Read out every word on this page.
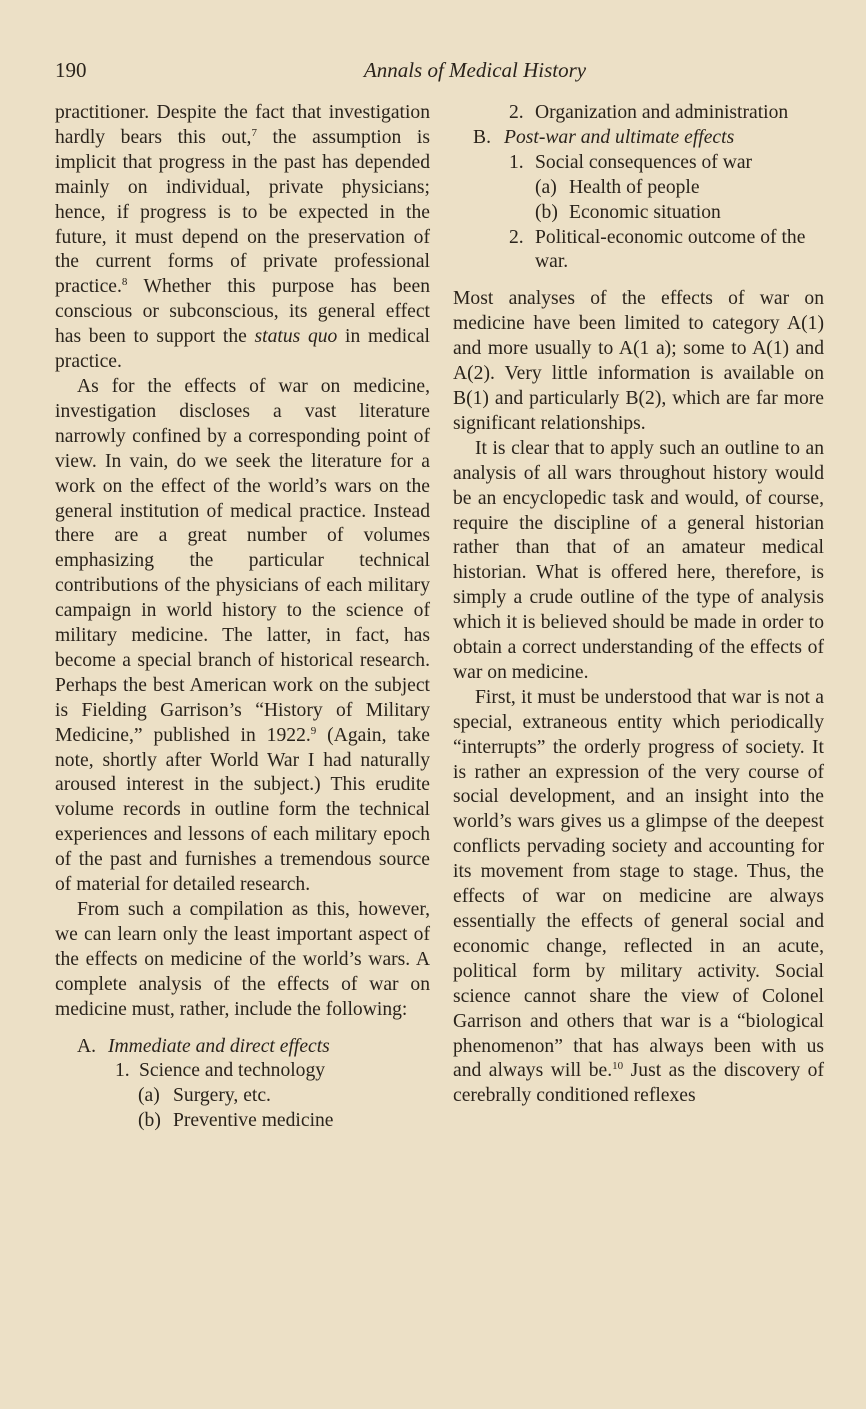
190	Annals of Medical History

practitioner. Despite the fact that investigation hardly bears this out,$^7$ the assumption is implicit that progress in the past has depended mainly on individual, private physicians; hence, if progress is to be expected in the future, it must depend on the preservation of the current forms of private professional practice.$^8$ Whether this purpose has been conscious or subconscious, its general effect has been to support the status quo in medical practice.

As for the effects of war on medicine, investigation discloses a vast literature narrowly confined by a corresponding point of view. In vain, do we seek the literature for a work on the effect of the world’s wars on the general institution of medical practice. Instead there are a great number of volumes emphasizing the particular technical contributions of the physicians of each military campaign in world history to the science of military medicine. The latter, in fact, has become a special branch of historical research. Perhaps the best American work on the subject is Fielding Garrison’s “History of Military Medicine,” published in 1922.$^9$ (Again, take note, shortly after World War I had naturally aroused interest in the subject.) This erudite volume records in outline form the technical experiences and lessons of each military epoch of the past and furnishes a tremendous source of material for detailed research.

From such a compilation as this, however, we can learn only the least important aspect of the effects on medicine of the world’s wars. A complete analysis of the effects of war on medicine must, rather, include the following:

A. Immediate and direct effects
1. Science and technology
(a) Surgery, etc.
(b) Preventive medicine
2. Organization and administration
B. Post-war and ultimate effects
1. Social consequences of war
(a) Health of people
(b) Economic situation
2. Political-economic outcome of the war.

Most analyses of the effects of war on medicine have been limited to category A(1) and more usually to A(1 a); some to A(1) and A(2). Very little information is available on B(1) and particularly B(2), which are far more significant relationships.

It is clear that to apply such an outline to an analysis of all wars throughout history would be an encyclopedic task and would, of course, require the discipline of a general historian rather than that of an amateur medical historian. What is offered here, therefore, is simply a crude outline of the type of analysis which it is believed should be made in order to obtain a correct understanding of the effects of war on medicine.

First, it must be understood that war is not a special, extraneous entity which periodically “interrupts” the orderly progress of society. It is rather an expression of the very course of social development, and an insight into the world’s wars gives us a glimpse of the deepest conflicts pervading society and accounting for its movement from stage to stage. Thus, the effects of war on medicine are always essentially the effects of general social and economic change, reflected in an acute, political form by military activity. Social science cannot share the view of Colonel Garrison and others that war is a “biological phenomenon” that has always been with us and always will be.$^{10}$ Just as the discovery of cerebrally conditioned reflexes
